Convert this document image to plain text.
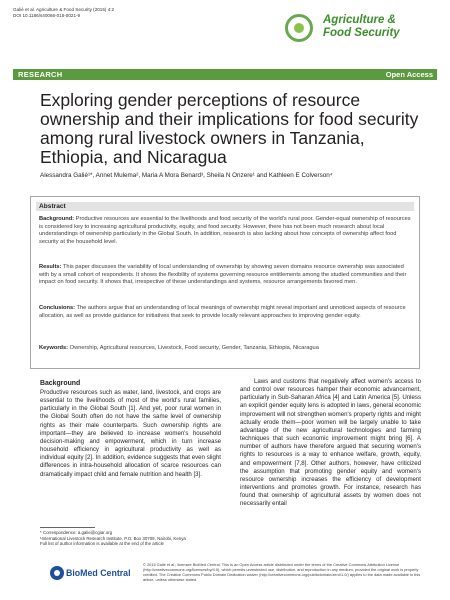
Galié et al. Agriculture & Food Security (2015) 4:2
DOI 10.1186/s40066-015-0021-9	Agriculture &
Food Security
RESEARCH	Open Access
Exploring gender perceptions of resource ownership and their implications for food security among rural livestock owners in Tanzania, Ethiopia, and Nicaragua
Alessandra Galiè¹*, Annet Mulema², Maria A Mora Benard³, Sheila N Onzere¹ and Kathleen E Colverson⁴
Abstract
Background: Productive resources are essential to the livelihoods and food security of the world's rural poor. Gender-equal ownership of resources is considered key to increasing agricultural productivity, equity, and food security. However, there has not been much research about local understandings of ownership particularly in the Global South. In addition, research is also lacking about how concepts of ownership affect food security at the household level.
Results: This paper discusses the variability of local understanding of ownership by showing seven domains resource ownership was associated with by a small cohort of respondents. It shows the flexibility of systems governing resource entitlements among the studied communities and their impact on food security. It shows that, irrespective of these understandings and systems, resource arrangements favored men.
Conclusions: The authors argue that an understanding of local meanings of ownership might reveal important and unnoticed aspects of resource allocation, as well as provide guidance for initiatives that seek to provide locally relevant approaches to improving gender equity.
Keywords: Ownership, Agricultural resources, Livestock, Food security, Gender, Tanzania, Ethiopia, Nicaragua
Background

Productive resources such as water, land, livestock, and crops are essential to the livelihoods of most of the world's rural families, particularly in the Global South [1]. And yet, poor rural women in the Global South often do not have the same level of ownership rights as their male counterparts. Such ownership rights are important—they are believed to increase women's household decision-making and empowerment, which in turn increase household efficiency in agricultural productivity as well as individual equity [2]. In addition, evidence suggests that even slight differences in intra-household allocation of scarce resources can dramatically impact child and female nutrition and health [3].

Laws and customs that negatively affect women's access to and control over resources hamper their economic advancement, particularly in Sub-Saharan Africa [4] and Latin America [5]. Unless an explicit gender equity lens is adopted in laws, general economic improvement will not strengthen women's property rights and might actually erode them—poor women will be largely unable to take advantage of the new agricultural technologies and farming techniques that such economic improvement might bring [6]. A number of authors have therefore argued that securing women's rights to resources is a way to enhance welfare, growth, equity, and empowerment [7,8]. Other authors, however, have criticized the assumption that promoting gender equity and women's resource ownership increases the efficiency of development interventions and promotes growth. For instance, research has found that ownership of agricultural assets by women does not necessarily entail

* Correspondence: a.galie@cgiar.org
¹International Livestock Research Institute, P.O. Box 30709, Nairobi, Kenya
Full list of author information is available at the end of the article
BioMed Central
© 2015 Galie et al.; licensee BioMed Central. This is an Open Access article distributed under the terms of the Creative Commons Attribution License (http://creativecommons.org/licenses/by/4.0), which permits unrestricted use, distribution, and reproduction in any medium, provided the original work is properly credited. The Creative Commons Public Domain Dedication waiver (http://creativecommons.org/publicdomain/zero/1.0/) applies to the data made available in this article, unless otherwise stated.
